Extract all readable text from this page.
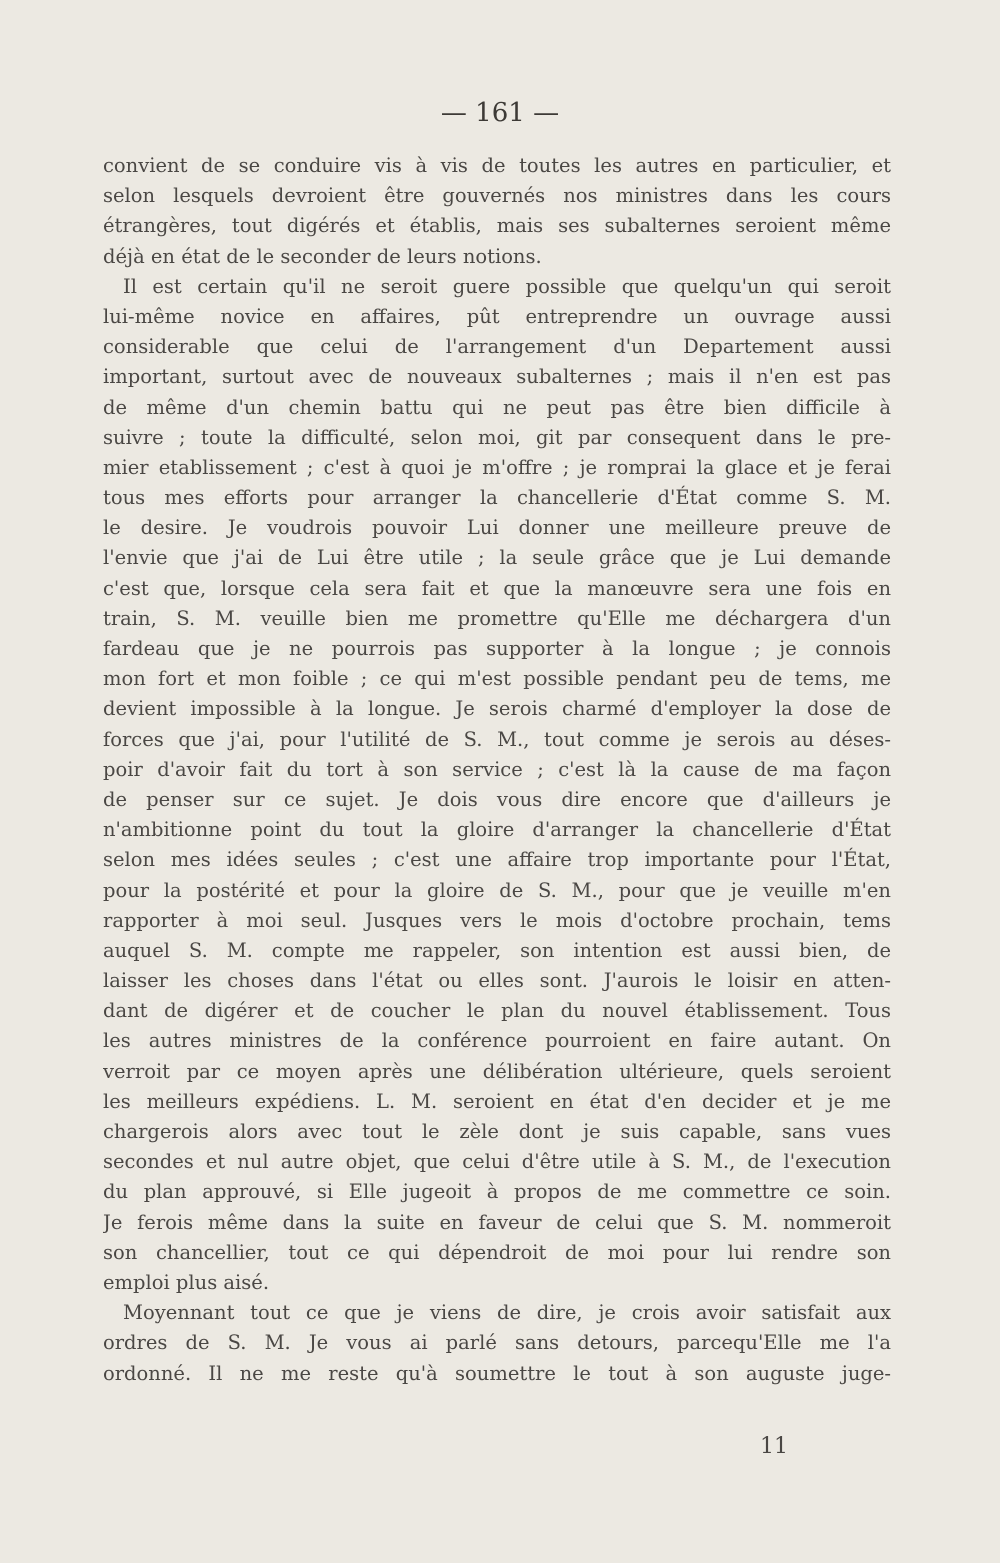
— 161 —
convient de se conduire vis à vis de toutes les autres en particulier, et
selon lesquels devroient être gouvernés nos ministres dans les cours
étrangères, tout digérés et établis, mais ses subalternes seroient même
déjà en état de le seconder de leurs notions.
Il est certain qu'il ne seroit guere possible que quelqu'un qui seroit
lui-même novice en affaires, pût entreprendre un ouvrage aussi
considerable que celui de l'arrangement d'un Departement aussi
important, surtout avec de nouveaux subalternes ; mais il n'en est pas
de même d'un chemin battu qui ne peut pas être bien difficile à
suivre ; toute la difficulté, selon moi, git par consequent dans le pre-
mier etablissement ; c'est à quoi je m'offre ; je romprai la glace et je ferai
tous mes efforts pour arranger la chancellerie d'État comme S. M.
le desire. Je voudrois pouvoir Lui donner une meilleure preuve de
l'envie que j'ai de Lui être utile ; la seule grâce que je Lui demande
c'est que, lorsque cela sera fait et que la manœuvre sera une fois en
train, S. M. veuille bien me promettre qu'Elle me déchargera d'un
fardeau que je ne pourrois pas supporter à la longue ; je connois
mon fort et mon foible ; ce qui m'est possible pendant peu de tems, me
devient impossible à la longue. Je serois charmé d'employer la dose de
forces que j'ai, pour l'utilité de S. M., tout comme je serois au déses-
poir d'avoir fait du tort à son service ; c'est là la cause de ma façon
de penser sur ce sujet. Je dois vous dire encore que d'ailleurs je
n'ambitionne point du tout la gloire d'arranger la chancellerie d'État
selon mes idées seules ; c'est une affaire trop importante pour l'État,
pour la postérité et pour la gloire de S. M., pour que je veuille m'en
rapporter à moi seul. Jusques vers le mois d'octobre prochain, tems
auquel S. M. compte me rappeler, son intention est aussi bien, de
laisser les choses dans l'état ou elles sont. J'aurois le loisir en atten-
dant de digérer et de coucher le plan du nouvel établissement. Tous
les autres ministres de la conférence pourroient en faire autant. On
verroit par ce moyen après une délibération ultérieure, quels seroient
les meilleurs expédiens. L. M. seroient en état d'en decider et je me
chargerois alors avec tout le zèle dont je suis capable, sans vues
secondes et nul autre objet, que celui d'être utile à S. M., de l'execution
du plan approuvé, si Elle jugeoit à propos de me commettre ce soin.
Je ferois même dans la suite en faveur de celui que S. M. nommeroit
son chancellier, tout ce qui dépendroit de moi pour lui rendre son
emploi plus aisé.
Moyennant tout ce que je viens de dire, je crois avoir satisfait aux
ordres de S. M. Je vous ai parlé sans detours, parcequ'Elle me l'a
ordonné. Il ne me reste qu'à soumettre le tout à son auguste juge-
11
